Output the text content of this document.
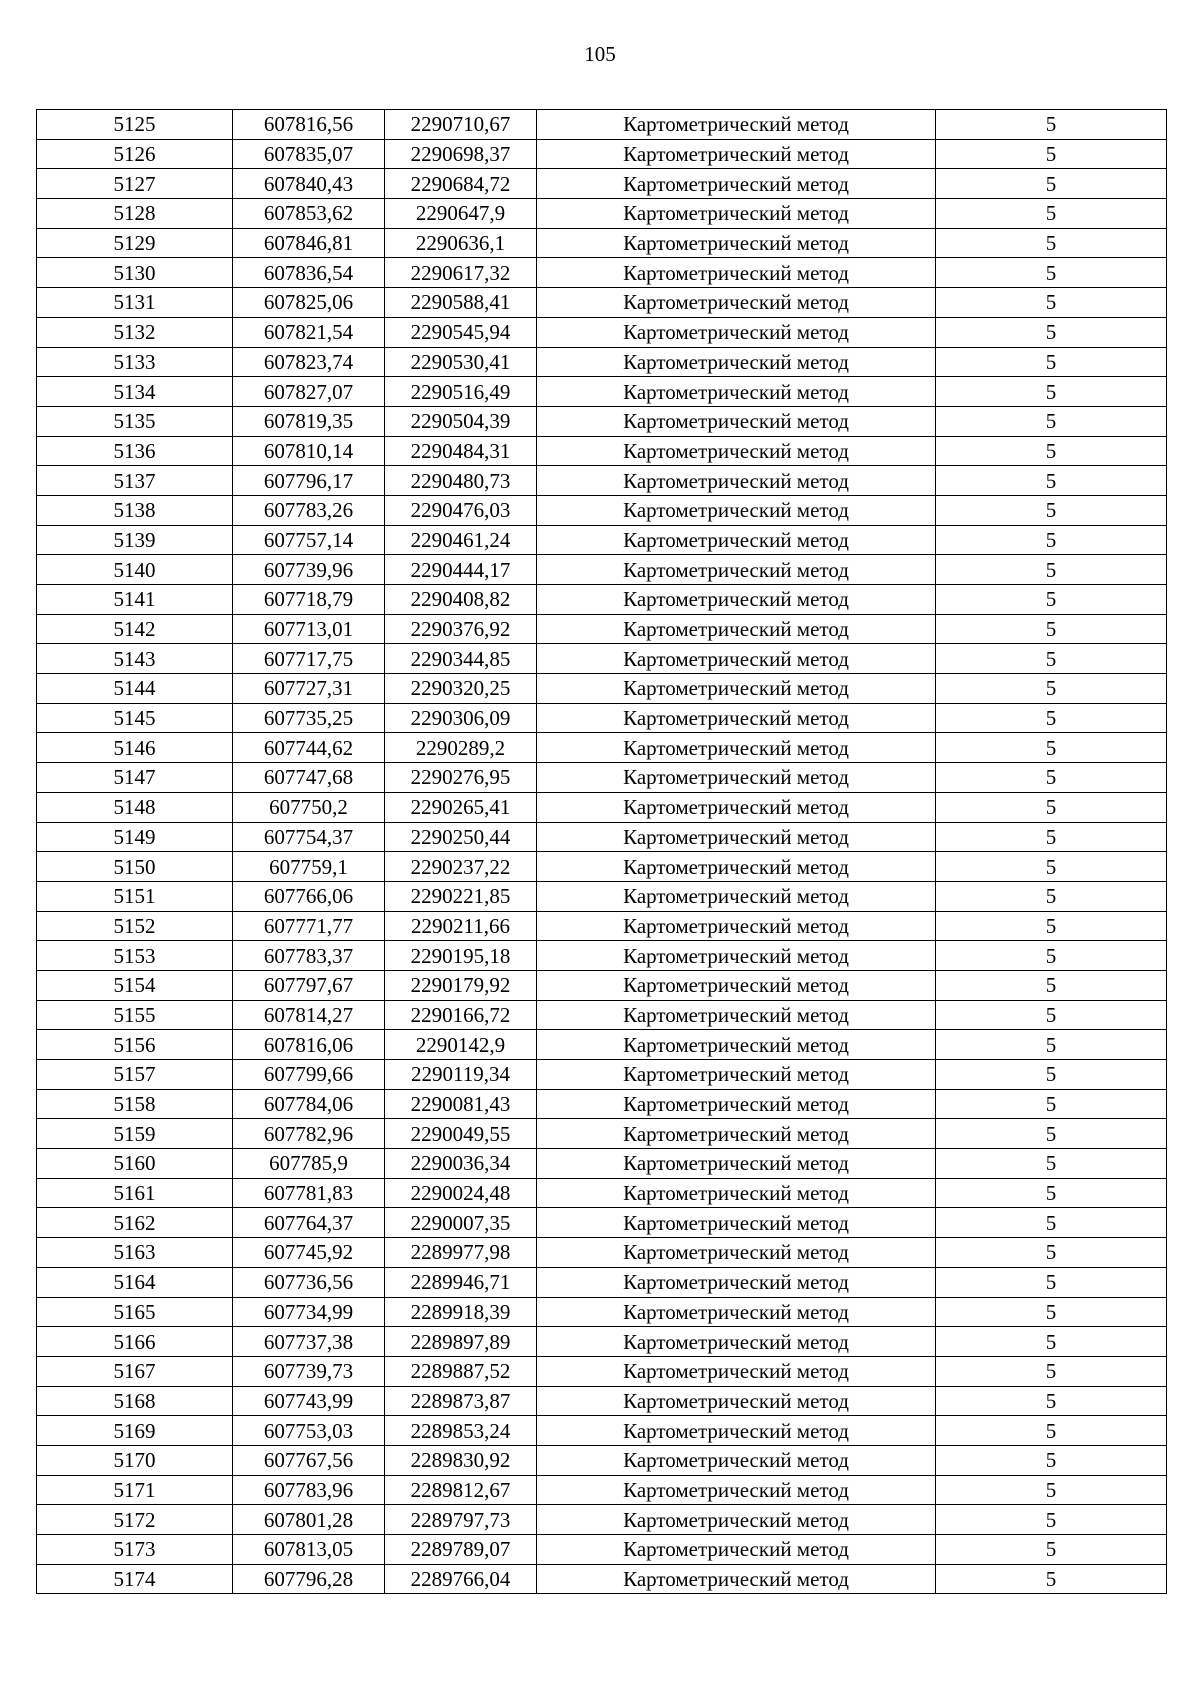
105
5125	607816,56	2290710,67	Картометрический метод	5
5126	607835,07	2290698,37	Картометрический метод	5
5127	607840,43	2290684,72	Картометрический метод	5
5128	607853,62	2290647,9	Картометрический метод	5
5129	607846,81	2290636,1	Картометрический метод	5
5130	607836,54	2290617,32	Картометрический метод	5
5131	607825,06	2290588,41	Картометрический метод	5
5132	607821,54	2290545,94	Картометрический метод	5
5133	607823,74	2290530,41	Картометрический метод	5
5134	607827,07	2290516,49	Картометрический метод	5
5135	607819,35	2290504,39	Картометрический метод	5
5136	607810,14	2290484,31	Картометрический метод	5
5137	607796,17	2290480,73	Картометрический метод	5
5138	607783,26	2290476,03	Картометрический метод	5
5139	607757,14	2290461,24	Картометрический метод	5
5140	607739,96	2290444,17	Картометрический метод	5
5141	607718,79	2290408,82	Картометрический метод	5
5142	607713,01	2290376,92	Картометрический метод	5
5143	607717,75	2290344,85	Картометрический метод	5
5144	607727,31	2290320,25	Картометрический метод	5
5145	607735,25	2290306,09	Картометрический метод	5
5146	607744,62	2290289,2	Картометрический метод	5
5147	607747,68	2290276,95	Картометрический метод	5
5148	607750,2	2290265,41	Картометрический метод	5
5149	607754,37	2290250,44	Картометрический метод	5
5150	607759,1	2290237,22	Картометрический метод	5
5151	607766,06	2290221,85	Картометрический метод	5
5152	607771,77	2290211,66	Картометрический метод	5
5153	607783,37	2290195,18	Картометрический метод	5
5154	607797,67	2290179,92	Картометрический метод	5
5155	607814,27	2290166,72	Картометрический метод	5
5156	607816,06	2290142,9	Картометрический метод	5
5157	607799,66	2290119,34	Картометрический метод	5
5158	607784,06	2290081,43	Картометрический метод	5
5159	607782,96	2290049,55	Картометрический метод	5
5160	607785,9	2290036,34	Картометрический метод	5
5161	607781,83	2290024,48	Картометрический метод	5
5162	607764,37	2290007,35	Картометрический метод	5
5163	607745,92	2289977,98	Картометрический метод	5
5164	607736,56	2289946,71	Картометрический метод	5
5165	607734,99	2289918,39	Картометрический метод	5
5166	607737,38	2289897,89	Картометрический метод	5
5167	607739,73	2289887,52	Картометрический метод	5
5168	607743,99	2289873,87	Картометрический метод	5
5169	607753,03	2289853,24	Картометрический метод	5
5170	607767,56	2289830,92	Картометрический метод	5
5171	607783,96	2289812,67	Картометрический метод	5
5172	607801,28	2289797,73	Картометрический метод	5
5173	607813,05	2289789,07	Картометрический метод	5
5174	607796,28	2289766,04	Картометрический метод	5
